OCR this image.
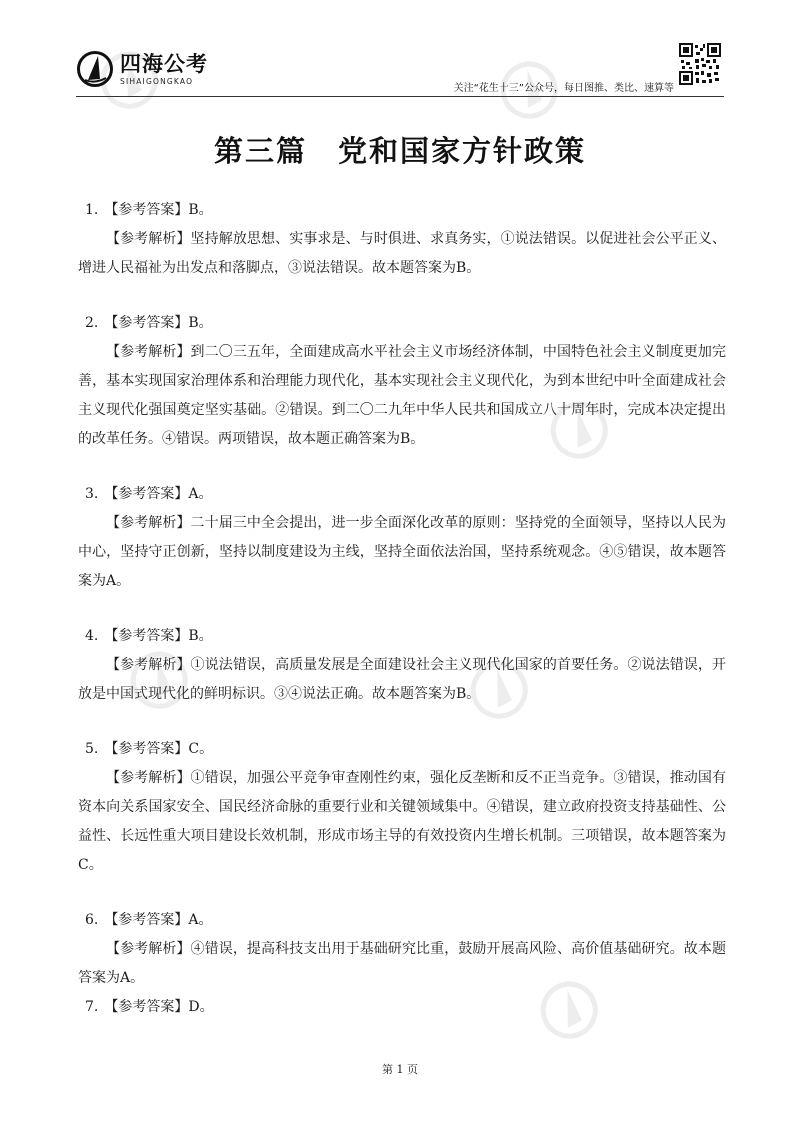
四海公考
SIHAIGONGKAO
关注“花生十三”公众号，每日图推、类比、速算等
第三篇　党和国家方针政策
1. 【参考答案】B。
【参考解析】坚持解放思想、实事求是、与时俱进、求真务实，①说法错误。以促进社会公平正义、增进人民福祉为出发点和落脚点，③说法错误。故本题答案为B。
2. 【参考答案】B。
【参考解析】到二〇三五年，全面建成高水平社会主义市场经济体制，中国特色社会主义制度更加完善，基本实现国家治理体系和治理能力现代化，基本实现社会主义现代化，为到本世纪中叶全面建成社会主义现代化强国奠定坚实基础。②错误。到二〇二九年中华人民共和国成立八十周年时，完成本决定提出的改革任务。④错误。两项错误，故本题正确答案为B。
3. 【参考答案】A。
【参考解析】二十届三中全会提出，进一步全面深化改革的原则：坚持党的全面领导，坚持以人民为中心，坚持守正创新，坚持以制度建设为主线，坚持全面依法治国，坚持系统观念。④⑤错误，故本题答案为A。
4. 【参考答案】B。
【参考解析】①说法错误，高质量发展是全面建设社会主义现代化国家的首要任务。②说法错误，开放是中国式现代化的鲜明标识。③④说法正确。故本题答案为B。
5. 【参考答案】C。
【参考解析】①错误，加强公平竞争审查刚性约束，强化反垄断和反不正当竞争。③错误，推动国有资本向关系国家安全、国民经济命脉的重要行业和关键领域集中。④错误，建立政府投资支持基础性、公益性、长远性重大项目建设长效机制，形成市场主导的有效投资内生增长机制。三项错误，故本题答案为C。
6. 【参考答案】A。
【参考解析】④错误，提高科技支出用于基础研究比重，鼓励开展高风险、高价值基础研究。故本题答案为A。
7. 【参考答案】D。
第 1 页
